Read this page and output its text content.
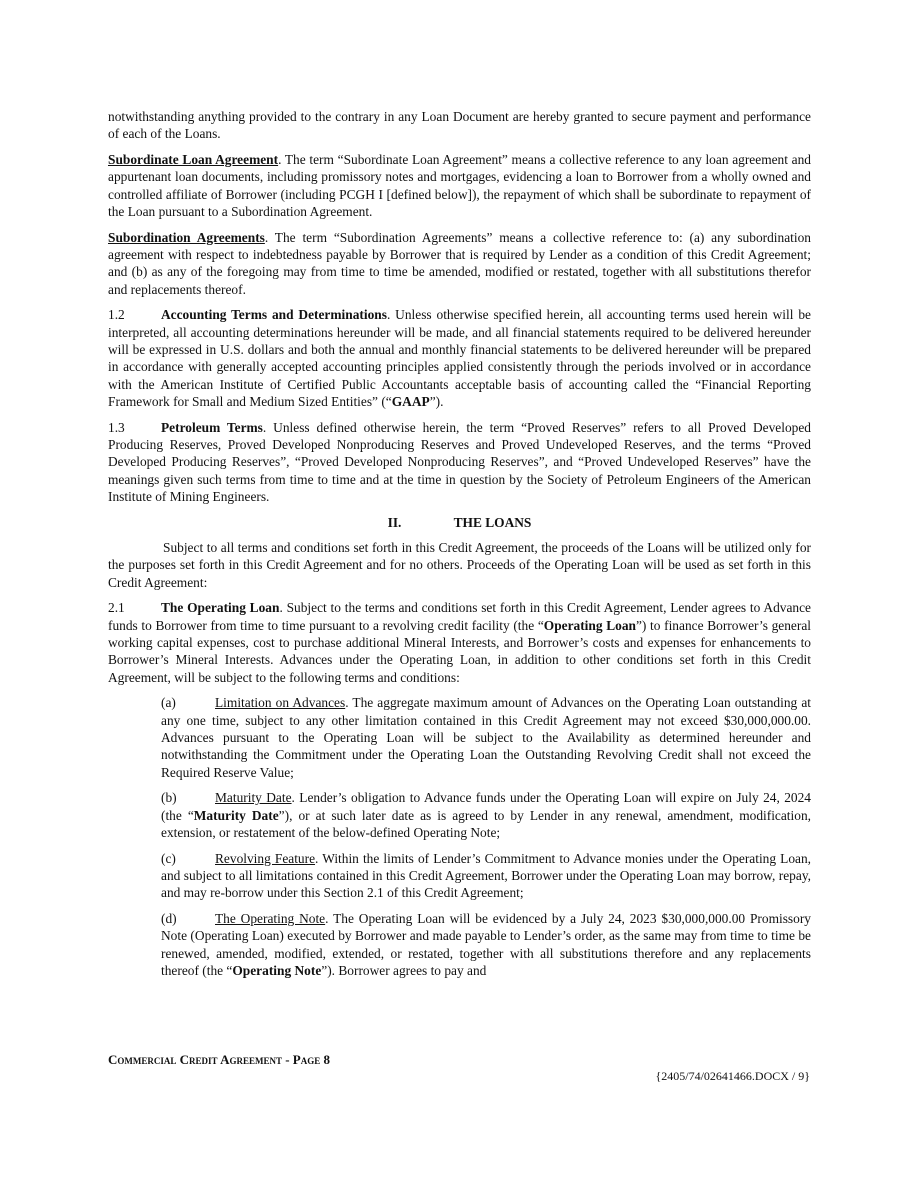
notwithstanding anything provided to the contrary in any Loan Document are hereby granted to secure payment and performance of each of the Loans.

Subordinate Loan Agreement. The term “Subordinate Loan Agreement” means a collective reference to any loan agreement and appurtenant loan documents, including promissory notes and mortgages, evidencing a loan to Borrower from a wholly owned and controlled affiliate of Borrower (including PCGH I [defined below]), the repayment of which shall be subordinate to repayment of the Loan pursuant to a Subordination Agreement.

Subordination Agreements. The term “Subordination Agreements” means a collective reference to: (a) any subordination agreement with respect to indebtedness payable by Borrower that is required by Lender as a condition of this Credit Agreement; and (b) as any of the foregoing may from time to time be amended, modified or restated, together with all substitutions therefor and replacements thereof.

1.2	Accounting Terms and Determinations. Unless otherwise specified herein, all accounting terms used herein will be interpreted, all accounting determinations hereunder will be made, and all financial statements required to be delivered hereunder will be expressed in U.S. dollars and both the annual and monthly financial statements to be delivered hereunder will be prepared in accordance with generally accepted accounting principles applied consistently through the periods involved or in accordance with the American Institute of Certified Public Accountants acceptable basis of accounting called the “Financial Reporting Framework for Small and Medium Sized Entities” (“GAAP”).

1.3	Petroleum Terms. Unless defined otherwise herein, the term “Proved Reserves” refers to all Proved Developed Producing Reserves, Proved Developed Nonproducing Reserves and Proved Undeveloped Reserves, and the terms “Proved Developed Producing Reserves”, “Proved Developed Nonproducing Reserves”, and “Proved Undeveloped Reserves” have the meanings given such terms from time to time and at the time in question by the Society of Petroleum Engineers of the American Institute of Mining Engineers.

II.	THE LOANS

Subject to all terms and conditions set forth in this Credit Agreement, the proceeds of the Loans will be utilized only for the purposes set forth in this Credit Agreement and for no others. Proceeds of the Operating Loan will be used as set forth in this Credit Agreement:

2.1	The Operating Loan. Subject to the terms and conditions set forth in this Credit Agreement, Lender agrees to Advance funds to Borrower from time to time pursuant to a revolving credit facility (the “Operating Loan”) to finance Borrower’s general working capital expenses, cost to purchase additional Mineral Interests, and Borrower’s costs and expenses for enhancements to Borrower’s Mineral Interests. Advances under the Operating Loan, in addition to other conditions set forth in this Credit Agreement, will be subject to the following terms and conditions:

(a)	Limitation on Advances. The aggregate maximum amount of Advances on the Operating Loan outstanding at any one time, subject to any other limitation contained in this Credit Agreement may not exceed $30,000,000.00. Advances pursuant to the Operating Loan will be subject to the Availability as determined hereunder and notwithstanding the Commitment under the Operating Loan the Outstanding Revolving Credit shall not exceed the Required Reserve Value;

(b)	Maturity Date. Lender’s obligation to Advance funds under the Operating Loan will expire on July 24, 2024 (the “Maturity Date”), or at such later date as is agreed to by Lender in any renewal, amendment, modification, extension, or restatement of the below-defined Operating Note;

(c)	Revolving Feature. Within the limits of Lender’s Commitment to Advance monies under the Operating Loan, and subject to all limitations contained in this Credit Agreement, Borrower under the Operating Loan may borrow, repay, and may re-borrow under this Section 2.1 of this Credit Agreement;

(d)	The Operating Note. The Operating Loan will be evidenced by a July 24, 2023 $30,000,000.00 Promissory Note (Operating Loan) executed by Borrower and made payable to Lender’s order, as the same may from time to time be renewed, amended, modified, extended, or restated, together with all substitutions therefore and any replacements thereof (the “Operating Note”). Borrower agrees to pay and

Commercial Credit Agreement - Page 8
{2405/74/02641466.DOCX / 9}
